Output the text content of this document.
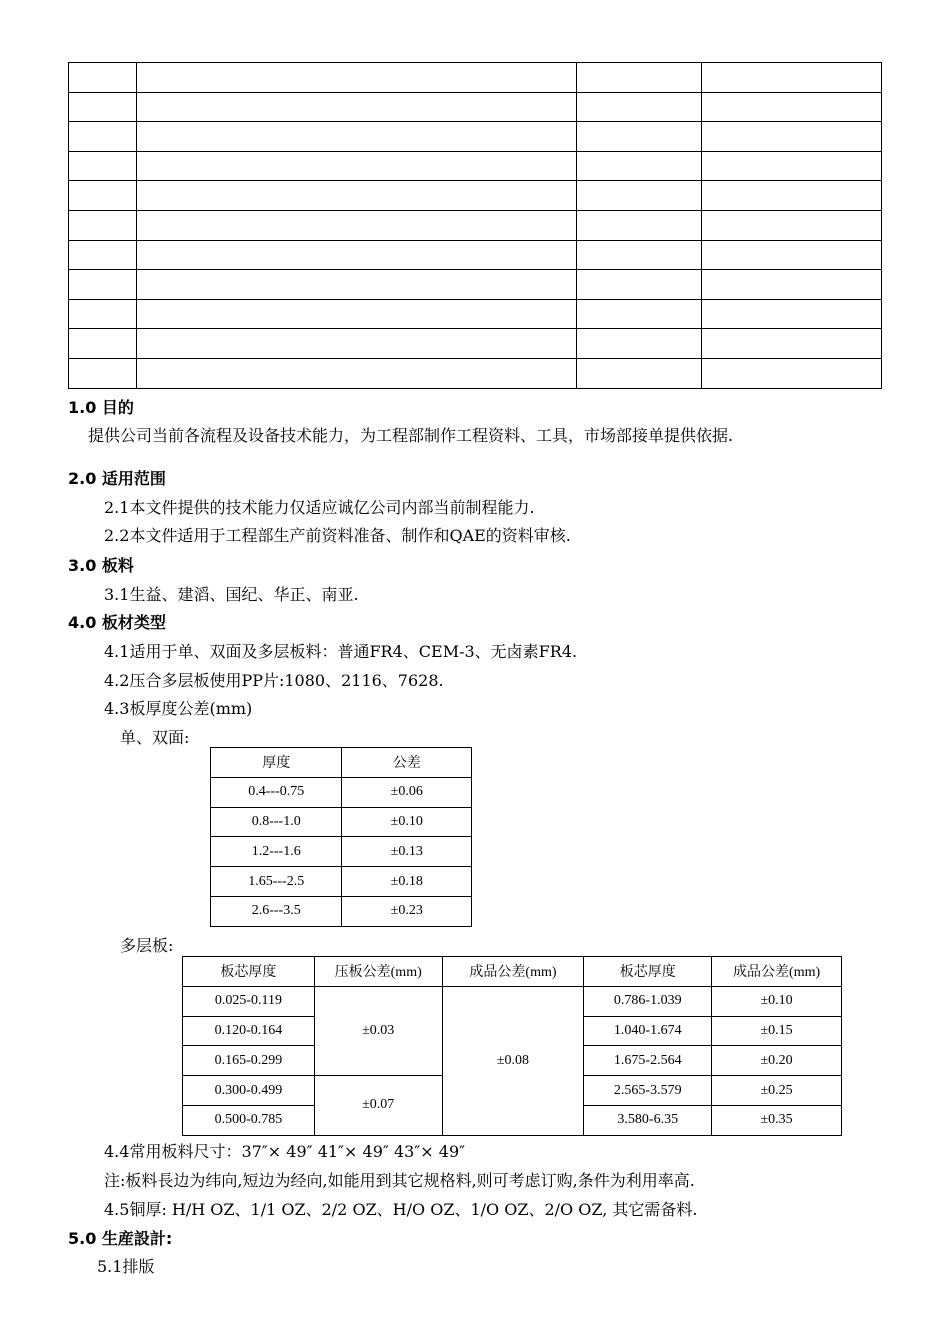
1.0 目的
提供公司当前各流程及设备技术能力，为工程部制作工程资料、工具，市场部接单提供依据.
2.0 适用范围
2.1本文件提供的技术能力仅适应诚亿公司内部当前制程能力.
2.2本文件适用于工程部生产前资料准备、制作和QAE的资料审核.
3.0 板料
3.1生益、建滔、国纪、华正、南亚.
4.0 板材类型
4.1适用于单、双面及多层板料：普通FR4、CEM-3、无卤素FR4.
4.2压合多层板使用PP片:1080、2116、7628.
4.3板厚度公差(mm)
单、双面:
厚度	公差
0.4---0.75	±0.06
0.8---1.0	±0.10
1.2---1.6	±0.13
1.65---2.5	±0.18
2.6---3.5	±0.23
多层板:
板芯厚度	压板公差(mm)	成品公差(mm)	板芯厚度	成品公差(mm)
0.025-0.119	±0.03	±0.08	0.786-1.039	±0.10
0.120-0.164			1.040-1.674	±0.15
0.165-0.299			1.675-2.564	±0.20
0.300-0.499	±0.07		2.565-3.579	±0.25
0.500-0.785			3.580-6.35	±0.35
4.4常用板料尺寸：37″× 49″ 41″× 49″ 43″× 49″
注:板料長边为纬向,短边为经向,如能用到其它规格料,则可考虑订购,条件为利用率高.
4.5铜厚: H/H OZ、1/1 OZ、2/2 OZ、H/O OZ、1/O OZ、2/O OZ, 其它需备料.
5.0 生産設計:
5.1排版
